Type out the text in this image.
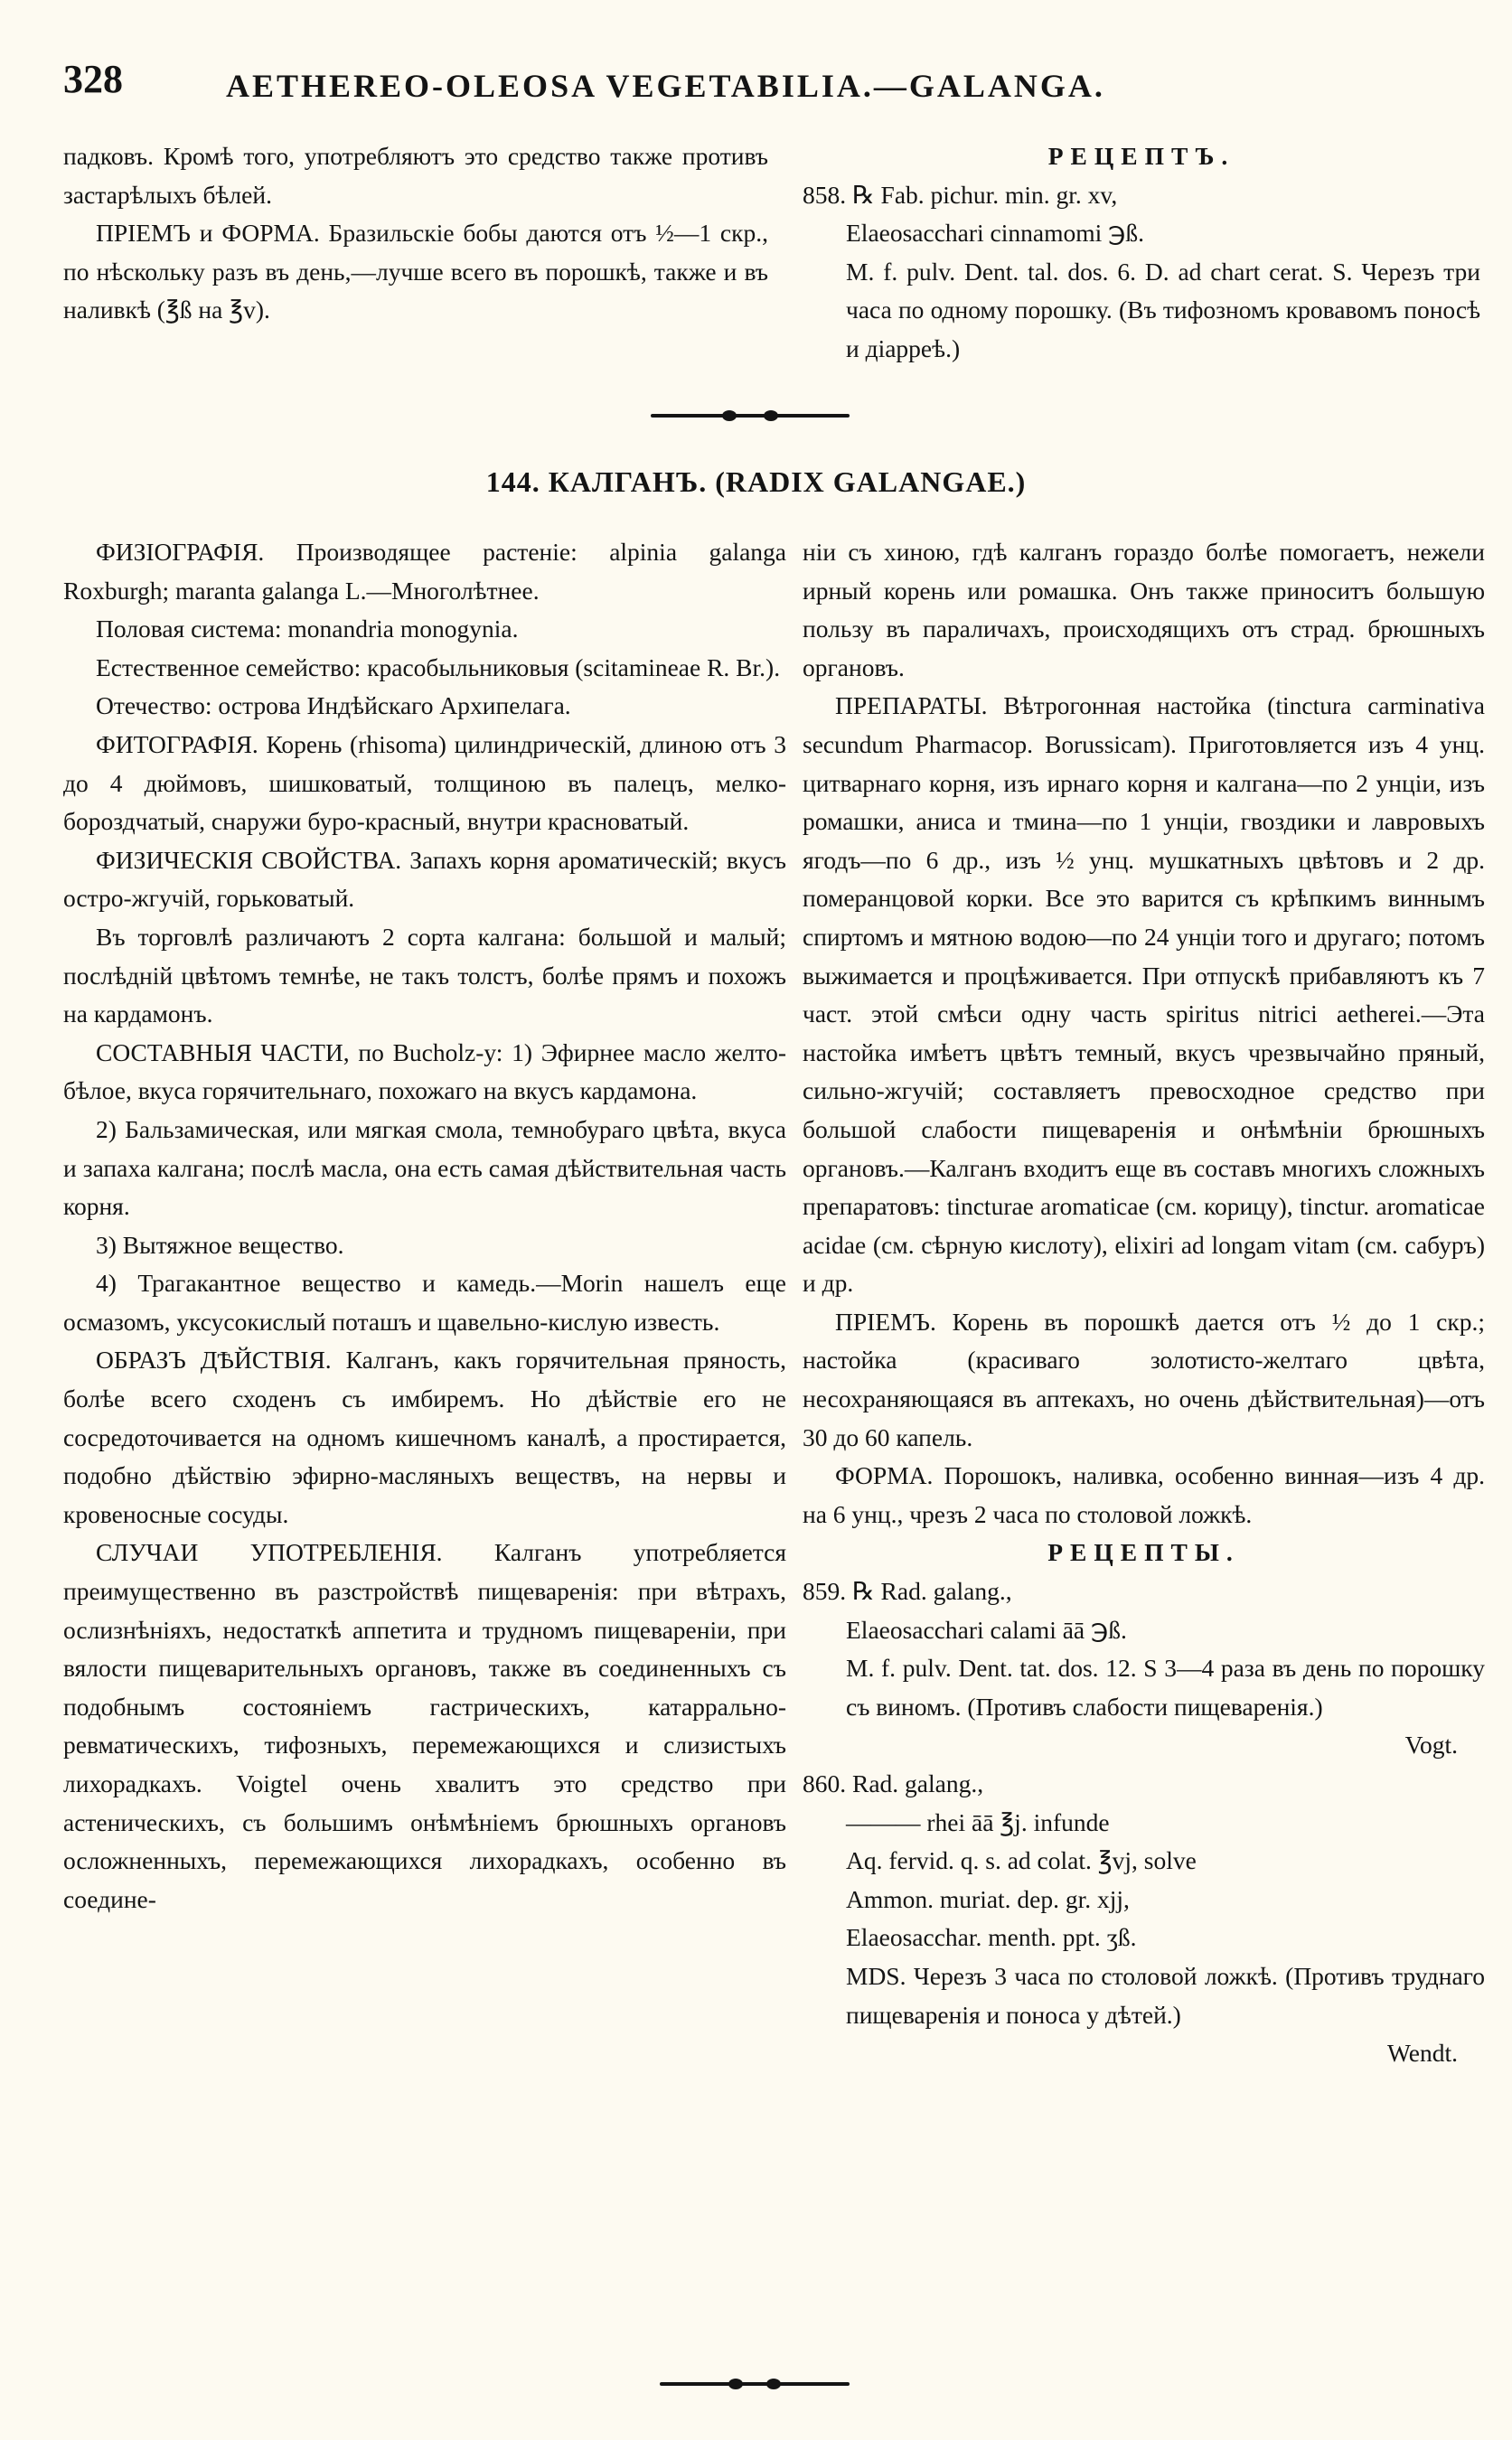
328	AETHEREO-OLEOSA VEGETABILIA.—GALANGA.

падковъ. Кромѣ того, употребляютъ это средство также противъ застарѣлыхъ бѣлей.

ПРІЕМЪ и ФОРМА. Бразильскіе бобы даются отъ ½—1 скр., по нѣскольку разъ въ день,—лучше всего въ порошкѣ, также и въ наливкѣ (℥ß на ℥v).

РЕЦЕПТЪ.

858. ℞ Fab. pichur. min. gr. xv,

Elaeosacchari cinnamomi ℈ß.

M. f. pulv. Dent. tal. dos. 6. D. ad chart cerat. S. Черезъ три часа по одному порошку. (Въ тифозномъ кровавомъ поносѣ и діарреѣ.)

144. КАЛГАНЪ. (RADIX GALANGAE.)

ФИЗІОГРАФІЯ. Производящее растеніе: alpinia galanga Roxburgh; maranta galanga L.—Многолѣтнее.

Половая система: monandria monogynia.

Естественное семейство: красобыльниковыя (scitamineae R. Br.).

Отечество: острова Индѣйскаго Архипелага.

ФИТОГРАФІЯ. Корень (rhisoma) цилиндрическій, длиною отъ 3 до 4 дюймовъ, шишковатый, толщиною въ палецъ, мелко-бороздчатый, снаружи буро-красный, внутри красноватый.

ФИЗИЧЕСКІЯ СВОЙСТВА. Запахъ корня ароматическій; вкусъ остро-жгучій, горьковатый.

Въ торговлѣ различаютъ 2 сорта калгана: большой и малый; послѣдній цвѣтомъ темнѣе, не такъ толстъ, болѣе прямъ и похожъ на кардамонъ.

СОСТАВНЫЯ ЧАСТИ, по Bucholz-у: 1) Эфирнее масло желто-бѣлое, вкуса горячительнаго, похожаго на вкусъ кардамона.

2) Бальзамическая, или мягкая смола, темнобураго цвѣта, вкуса и запаха калгана; послѣ масла, она есть самая дѣйствительная часть корня.

3) Вытяжное вещество.

4) Трагакантное вещество и камедь.—Morin нашелъ еще осмазомъ, уксусокислый поташъ и щавельно-кислую известь.

ОБРАЗЪ ДѢЙСТВІЯ. Калганъ, какъ горячительная пряность, болѣе всего сходенъ съ имбиремъ. Но дѣйствіе его не сосредоточивается на одномъ кишечномъ каналѣ, а простирается, подобно дѣйствію эфирно-масляныхъ веществъ, на нервы и кровеносные сосуды.

СЛУЧАИ УПОТРЕБЛЕНІЯ. Калганъ употребляется преимущественно въ разстройствѣ пищеваренія: при вѣтрахъ, ослизнѣніяхъ, недостаткѣ аппетита и трудномъ пищевареніи, при вялости пищеварительныхъ органовъ, также въ соединенныхъ съ подобнымъ состояніемъ гастрическихъ, катаррально-ревматическихъ, тифозныхъ, перемежающихся и слизистыхъ лихорадкахъ. Voigtel очень хвалитъ это средство при астеническихъ, съ большимъ онѣмѣніемъ брюшныхъ органовъ осложненныхъ, перемежающихся лихорадкахъ, особенно въ соедине-

ніи съ хиною, гдѣ калганъ гораздо болѣе помогаетъ, нежели ирный корень или ромашка. Онъ также приноситъ большую пользу въ параличахъ, происходящихъ отъ страд. брюшныхъ органовъ.

ПРЕПАРАТЫ. Вѣтрогонная настойка (tinctura carminativa secundum Pharmacop. Borussicam). Приготовляется изъ 4 унц. цитварнаго корня, изъ ирнаго корня и калгана—по 2 унціи, изъ ромашки, аниса и тмина—по 1 унціи, гвоздики и лавровыхъ ягодъ—по 6 др., изъ ½ унц. мушкатныхъ цвѣтовъ и 2 др. померанцовой корки. Все это варится съ крѣпкимъ виннымъ спиртомъ и мятною водою—по 24 унціи того и другаго; потомъ выжимается и процѣживается. При отпускѣ прибавляютъ къ 7 част. этой смѣси одну часть spiritus nitrici aetherei.—Эта настойка имѣетъ цвѣтъ темный, вкусъ чрезвычайно пряный, сильно-жгучій; составляетъ превосходное средство при большой слабости пищеваренія и онѣмѣніи брюшныхъ органовъ.—Калганъ входитъ еще въ составъ многихъ сложныхъ препаратовъ: tincturae aromaticae (см. корицу), tinctur. aromaticae acidae (см. сѣрную кислоту), elixiri ad longam vitam (см. сабуръ) и др.

ПРІЕМЪ. Корень въ порошкѣ дается отъ ½ до 1 скр.; настойка (красиваго золотисто-желтаго цвѣта, несохраняющаяся въ аптекахъ, но очень дѣйствительная)—отъ 30 до 60 капель.

ФОРМА. Порошокъ, наливка, особенно винная—изъ 4 др. на 6 унц., чрезъ 2 часа по столовой ложкѣ.

РЕЦЕПТЫ.

859. ℞ Rad. galang.,

Elaeosacchari calami āā ℈ß.

M. f. pulv. Dent. tat. dos. 12. S 3—4 раза въ день по порошку съ виномъ. (Противъ слабости пищеваренія.)

Vogt.

860. Rad. galang.,

——— rhei āā ℥j. infunde

Aq. fervid. q. s. ad colat. ℥vj, solve

Ammon. muriat. dep. gr. xjj,

Elaeosacchar. menth. ppt. ʒß.

MDS. Черезъ 3 часа по столовой ложкѣ. (Противъ труднаго пищеваренія и поноса у дѣтей.)

Wendt.
